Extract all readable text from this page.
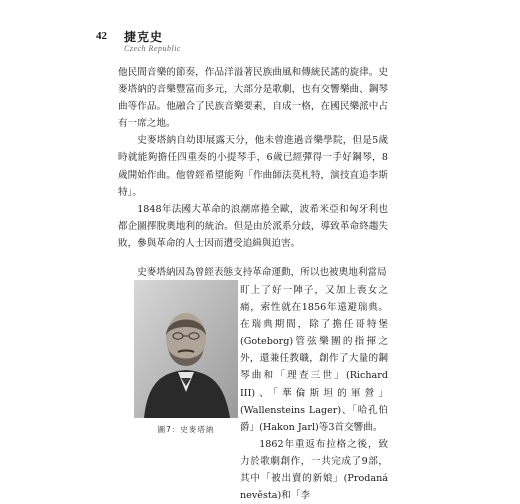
42 捷克史
Czech Republic

他民間音樂的節奏，作品洋溢著民族曲風和傳統民謠的旋律。史麥塔納的音樂豐富而多元，大部分是歌劇，也有交響樂曲、鋼琴曲等作品。他融合了民族音樂要素，自成一格，在國民樂派中占有一席之地。

史麥塔納自幼即展露天分，他未曾進過音樂學院，但是5歲時就能夠擔任四重奏的小提琴手，6歲已經彈得一手好鋼琴，8歲開始作曲。他曾經希望能夠「作曲師法莫札特，演技直追李斯特」。

1848年法國大革命的浪潮席捲全歐，波希米亞和匈牙利也都企圖擇脫奧地利的統治。但是由於派系分歧，導致革命終趨失敗，參與革命的人士因而遭受追緝與迫害。

史麥塔納因為曾經表態支持革命運動，所以也被奧地利當局

圖7：史麥塔納
盯上了好一陣子，又加上喪女之痛，索性就在1856年遠避瑞典。在瑞典期間，除了擔任哥特堡(Goteborg)管弦樂團的指揮之外，還兼任教職，創作了大量的鋼琴曲和「理查三世」(Richard III)、「華倫斯坦的軍營」(Wallensteins Lager)、「哈孔伯爵」(Hakon Jarl)等3首交響曲。

1862年重返布拉格之後，致力於歌劇創作，一共完成了9部，其中「被出賣的新娘」(Prodaná nevěsta)和「李
